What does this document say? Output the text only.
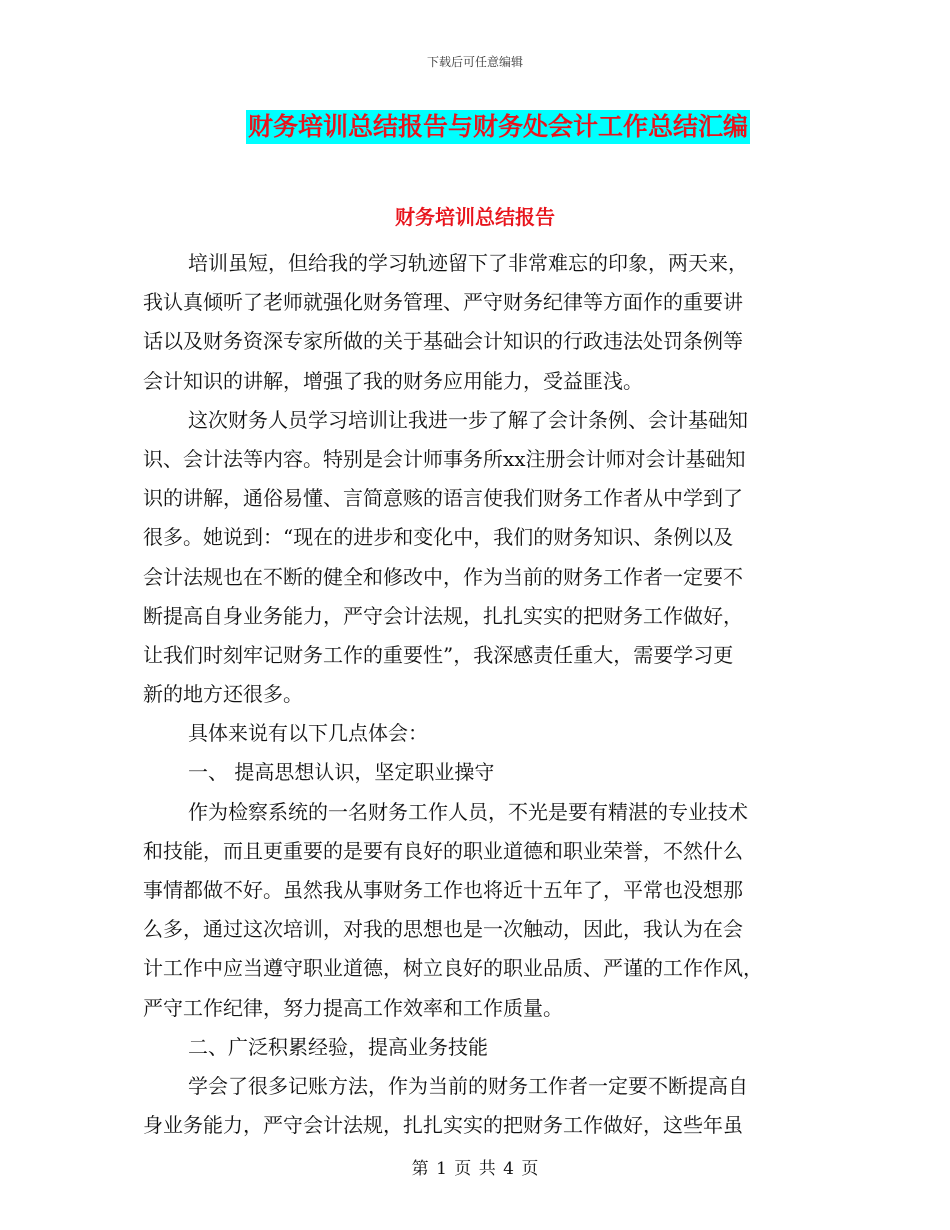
下载后可任意编辑
财务培训总结报告与财务处会计工作总结汇编
财务培训总结报告
培训虽短，但给我的学习轨迹留下了非常难忘的印象，两天来，
我认真倾听了老师就强化财务管理、严守财务纪律等方面作的重要讲
话以及财务资深专家所做的关于基础会计知识的行政违法处罚条例等
会计知识的讲解，增强了我的财务应用能力，受益匪浅。
这次财务人员学习培训让我进一步了解了会计条例、会计基础知
识、会计法等内容。特别是会计师事务所xx注册会计师对会计基础知
识的讲解，通俗易懂、言简意赅的语言使我们财务工作者从中学到了
很多。她说到：“现在的进步和变化中，我们的财务知识、条例以及
会计法规也在不断的健全和修改中，作为当前的财务工作者一定要不
断提高自身业务能力，严守会计法规，扎扎实实的把财务工作做好，
让我们时刻牢记财务工作的重要性”，我深感责任重大，需要学习更
新的地方还很多。
具体来说有以下几点体会：
一、 提高思想认识，坚定职业操守
作为检察系统的一名财务工作人员，不光是要有精湛的专业技术
和技能，而且更重要的是要有良好的职业道德和职业荣誉，不然什么
事情都做不好。虽然我从事财务工作也将近十五年了，平常也没想那
么多，通过这次培训，对我的思想也是一次触动，因此，我认为在会
计工作中应当遵守职业道德，树立良好的职业品质、严谨的工作作风，
严守工作纪律，努力提高工作效率和工作质量。
二、广泛积累经验，提高业务技能
学会了很多记账方法，作为当前的财务工作者一定要不断提高自
身业务能力，严守会计法规，扎扎实实的把财务工作做好，这些年虽
第 1 页 共 4 页
